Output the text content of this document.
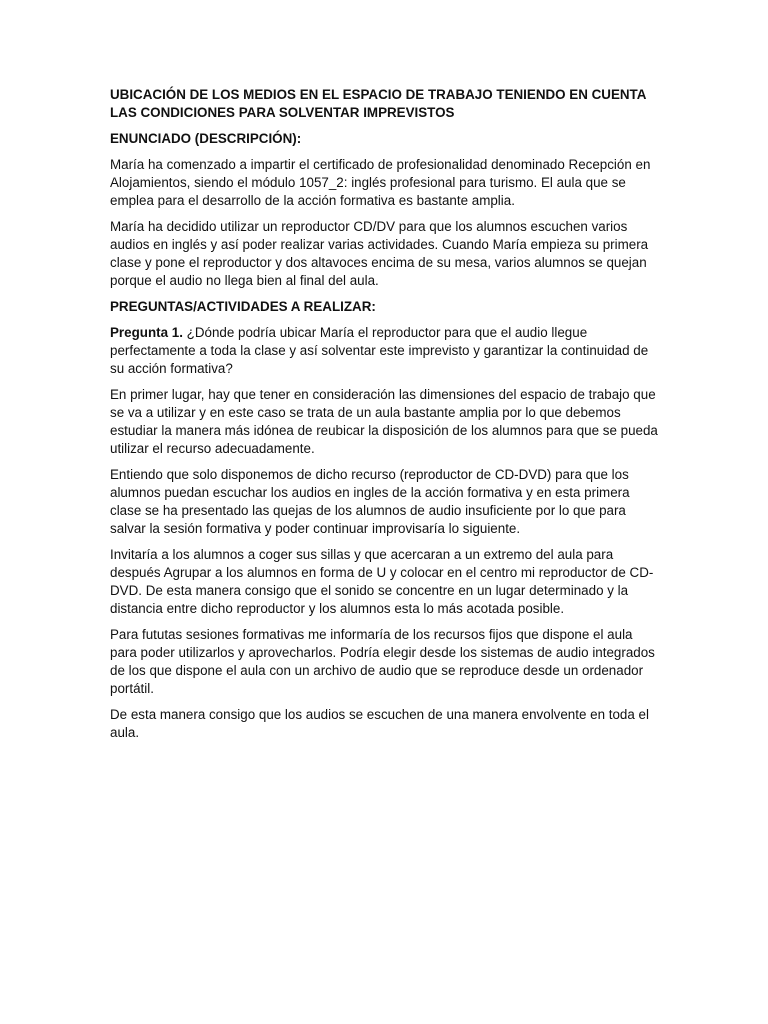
UBICACIÓN DE LOS MEDIOS EN EL ESPACIO DE TRABAJO TENIENDO EN CUENTA LAS CONDICIONES PARA SOLVENTAR IMPREVISTOS

ENUNCIADO (DESCRIPCIÓN):

María ha comenzado a impartir el certificado de profesionalidad denominado Recepción en Alojamientos, siendo el módulo 1057_2: inglés profesional para turismo. El aula que se emplea para el desarrollo de la acción formativa es bastante amplia.

María ha decidido utilizar un reproductor CD/DV para que los alumnos escuchen varios audios en inglés y así poder realizar varias actividades. Cuando María empieza su primera clase y pone el reproductor y dos altavoces encima de su mesa, varios alumnos se quejan porque el audio no llega bien al final del aula.

PREGUNTAS/ACTIVIDADES A REALIZAR:

Pregunta 1. ¿Dónde podría ubicar María el reproductor para que el audio llegue perfectamente a toda la clase y así solventar este imprevisto y garantizar la continuidad de su acción formativa?

En primer lugar, hay que tener en consideración las dimensiones del espacio de trabajo que se va a utilizar y en este caso se trata de un aula bastante amplia por lo que debemos estudiar la manera más idónea de reubicar la disposición de los alumnos para que se pueda utilizar el recurso adecuadamente.

Entiendo que solo disponemos de dicho recurso (reproductor de CD-DVD) para que los alumnos puedan escuchar los audios en ingles de la acción formativa y en esta primera clase se ha presentado las quejas de los alumnos de audio insuficiente por lo que para salvar la sesión formativa y poder continuar improvisaría lo siguiente.

Invitaría a los alumnos a coger sus sillas y que acercaran a un extremo del aula para después Agrupar a los alumnos en forma de U y colocar en el centro mi reproductor de CD-DVD. De esta manera consigo que el sonido se concentre en un lugar determinado y la distancia entre dicho reproductor y los alumnos esta lo más acotada posible.

Para fututas sesiones formativas me informaría de los recursos fijos que dispone el aula para poder utilizarlos y aprovecharlos. Podría elegir desde los sistemas de audio integrados de los que dispone el aula con un archivo de audio que se reproduce desde un ordenador portátil.

De esta manera consigo que los audios se escuchen de una manera envolvente en toda el aula.
